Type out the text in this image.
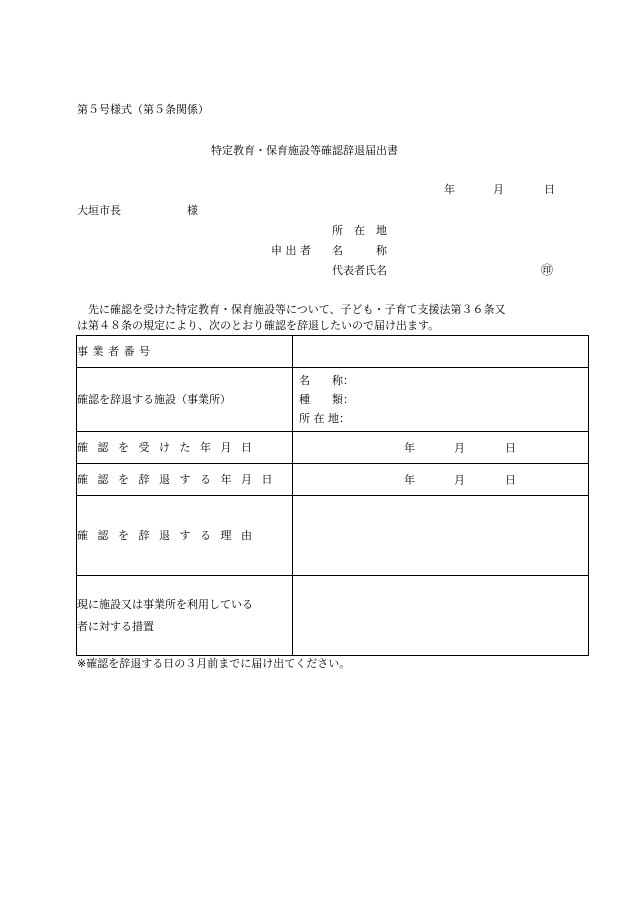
第５号様式（第５条関係）
特定教育・保育施設等確認辞退届出書
年	月	日
大垣市長	様
所　在　地
申 出 者 名　　　称
代表者氏名	㊞
　先に確認を受けた特定教育・保育施設等について、子ども・子育て支援法第３６条又
は第４８条の規定により、次のとおり確認を辞退したいので届け出ます。
事業者番号	
確認を辞退する施設（事業所）	名　　称：
種　　類：
所 在 地：

確認を受けた年月日	年 月 日

確認を辞退する年月日	年 月 日

確認を辞退する理由	

現に施設又は事業所を利用している
者に対する措置	

※確認を辞退する日の３月前までに届け出てください。
